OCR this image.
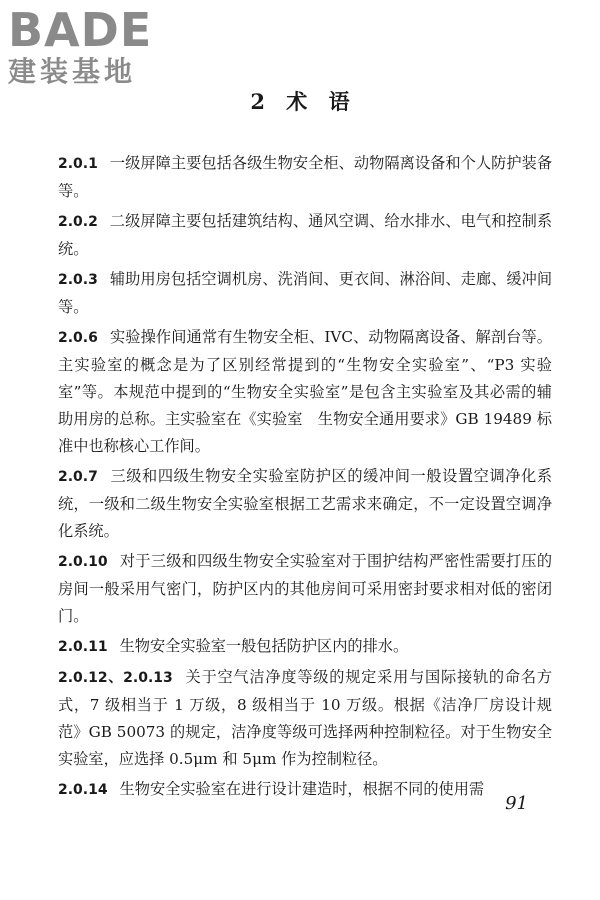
BADE
建装基地
2 术 语

2.0.1 一级屏障主要包括各级生物安全柜、动物隔离设备和个人防护装备等。

2.0.2 二级屏障主要包括建筑结构、通风空调、给水排水、电气和控制系统。

2.0.3 辅助用房包括空调机房、洗消间、更衣间、淋浴间、走廊、缓冲间等。

2.0.6 实验操作间通常有生物安全柜、IVC、动物隔离设备、解剖台等。主实验室的概念是为了区别经常提到的“生物安全实验室”、“P3 实验室”等。本规范中提到的“生物安全实验室”是包含主实验室及其必需的辅助用房的总称。主实验室在《实验室　生物安全通用要求》GB 19489 标准中也称核心工作间。

2.0.7 三级和四级生物安全实验室防护区的缓冲间一般设置空调净化系统，一级和二级生物安全实验室根据工艺需求来确定，不一定设置空调净化系统。

2.0.10 对于三级和四级生物安全实验室对于围护结构严密性需要打压的房间一般采用气密门，防护区内的其他房间可采用密封要求相对低的密闭门。

2.0.11 生物安全实验室一般包括防护区内的排水。

2.0.12、2.0.13 关于空气洁净度等级的规定采用与国际接轨的命名方式，7 级相当于 1 万级，8 级相当于 10 万级。根据《洁净厂房设计规范》GB 50073 的规定，洁净度等级可选择两种控制粒径。对于生物安全实验室，应选择 0.5μm 和 5μm 作为控制粒径。

2.0.14 生物安全实验室在进行设计建造时，根据不同的使用需

91
